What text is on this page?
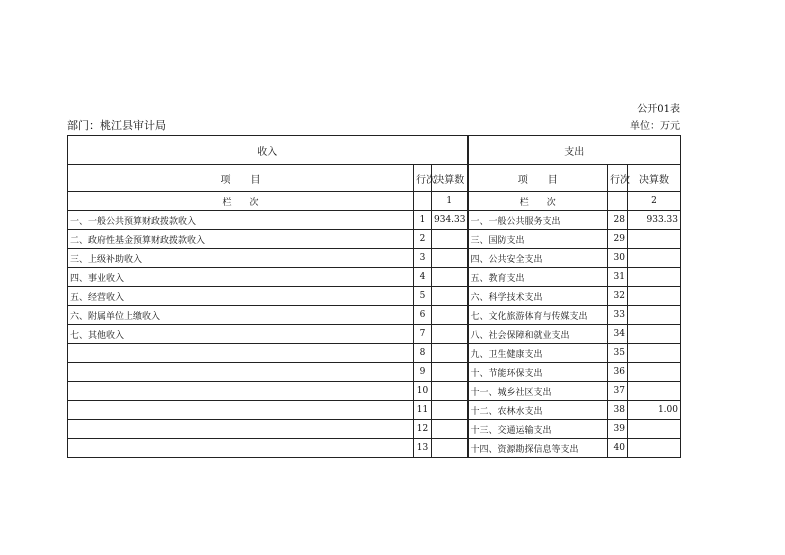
公开01表
部门：桃江县审计局	单位：万元
收入			支出		
项　　目	行次	决算数	项　　目	行次	决算数
栏　　次		1	栏　　次		2
一、一般公共预算财政拨款收入	1	934.33	一、一般公共服务支出	28	933.33
二、政府性基金预算财政拨款收入	2		三、国防支出	29	
三、上级补助收入	3		四、公共安全支出	30	
四、事业收入	4		五、教育支出	31	
五、经营收入	5		六、科学技术支出	32	
六、附属单位上缴收入	6		七、文化旅游体育与传媒支出	33	
七、其他收入	7		八、社会保障和就业支出	34	
	8		九、卫生健康支出	35	
	9		十、节能环保支出	36	
	10		十一、城乡社区支出	37	
	11		十二、农林水支出	38	1.00
	12		十三、交通运输支出	39	
	13		十四、资源勘探信息等支出	40	
